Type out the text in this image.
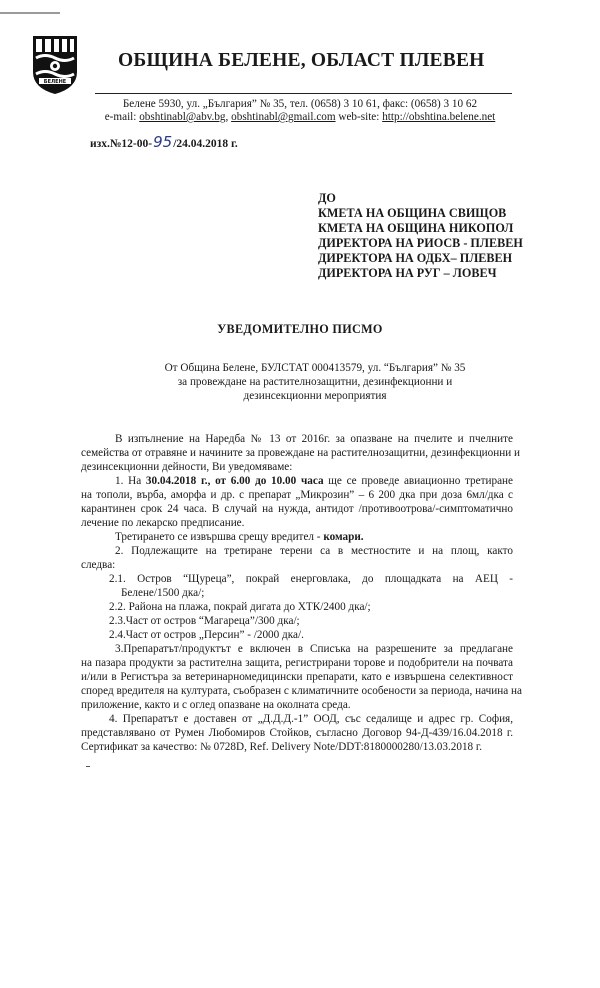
БЕЛЕНЕ
ОБЩИНА БЕЛЕНЕ, ОБЛАСТ ПЛЕВЕН
Белене 5930, ул. „България” № 35, тел. (0658) 3 10 61, факс: (0658) 3 10 62
e-mail: obshtinabl@abv.bg, obshtinabl@gmail.com web-site: http://obshtina.belene.net
изх.№12-00-95/24.04.2018 г.
ДО
КМЕТА НА ОБЩИНА СВИЩОВ
КМЕТА НА ОБЩИНА НИКОПОЛ
ДИРЕКТОРА НА РИОСВ - ПЛЕВЕН
ДИРЕКТОРА НА ОДБХ– ПЛЕВЕН
ДИРЕКТОРА НА РУГ – ЛОВЕЧ
УВЕДОМИТЕЛНО ПИСМО
От Община Белене, БУЛСТАТ 000413579, ул. “България” № 35
за провеждане на растителнозащитни, дезинфекционни и
дезинсекционни мероприятия
В изпълнение на Наредба № 13 от 2016г. за опазване на пчелите и пчелните
семейства от отравяне и начините за провеждане на растителнозащитни, дезинфекционни и
дезинсекционни дейности, Ви уведомяваме:
1. На 30.04.2018 г., от 6.00 до 10.00 часа ще се проведе авиационно третиране
на тополи, върба, аморфа и др. с препарат „Микрозин” – 6 200 дка при доза 6мл/дка с
карантинен срок 24 часа. В случай на нужда, антидот /противоотрова/-симптоматично
лечение по лекарско предписание.
Третирането се извършва срещу вредител - комари.
2. Подлежащите на третиране терени са в местностите и на площ, както
следва:
2.1. Остров “Щуреца”, покрай енерговлака, до площадката на АЕЦ -
Белене/1500 дка/;
2.2. Района на плажа, покрай дигата до ХТК/2400 дка/;
2.3.Част от остров “Магареца”/300 дка/;
2.4.Част от остров „Персин” - /2000 дка/.
3.Препаратът/продуктът е включен в Списъка на разрешените за предлагане
на пазара продукти за растителна защита, регистрирани торове и подобрители на почвата
и/или в Регистъра за ветеринарномедицински препарати, като е извършена селективност
според вредителя на културата, съобразен с климатичните особености за периода, начина на
приложение, както и с оглед опазване на околната среда.
4. Препаратът е доставен от „Д.Д.Д.-1” ООД, със седалище и адрес гр. София,
представлявано от Румен Любомиров Стойков, съгласно Договор 94-Д-439/16.04.2018 г.
Сертификат за качество: № 0728D, Ref. Delivery Note/DDT:8180000280/13.03.2018 г.
